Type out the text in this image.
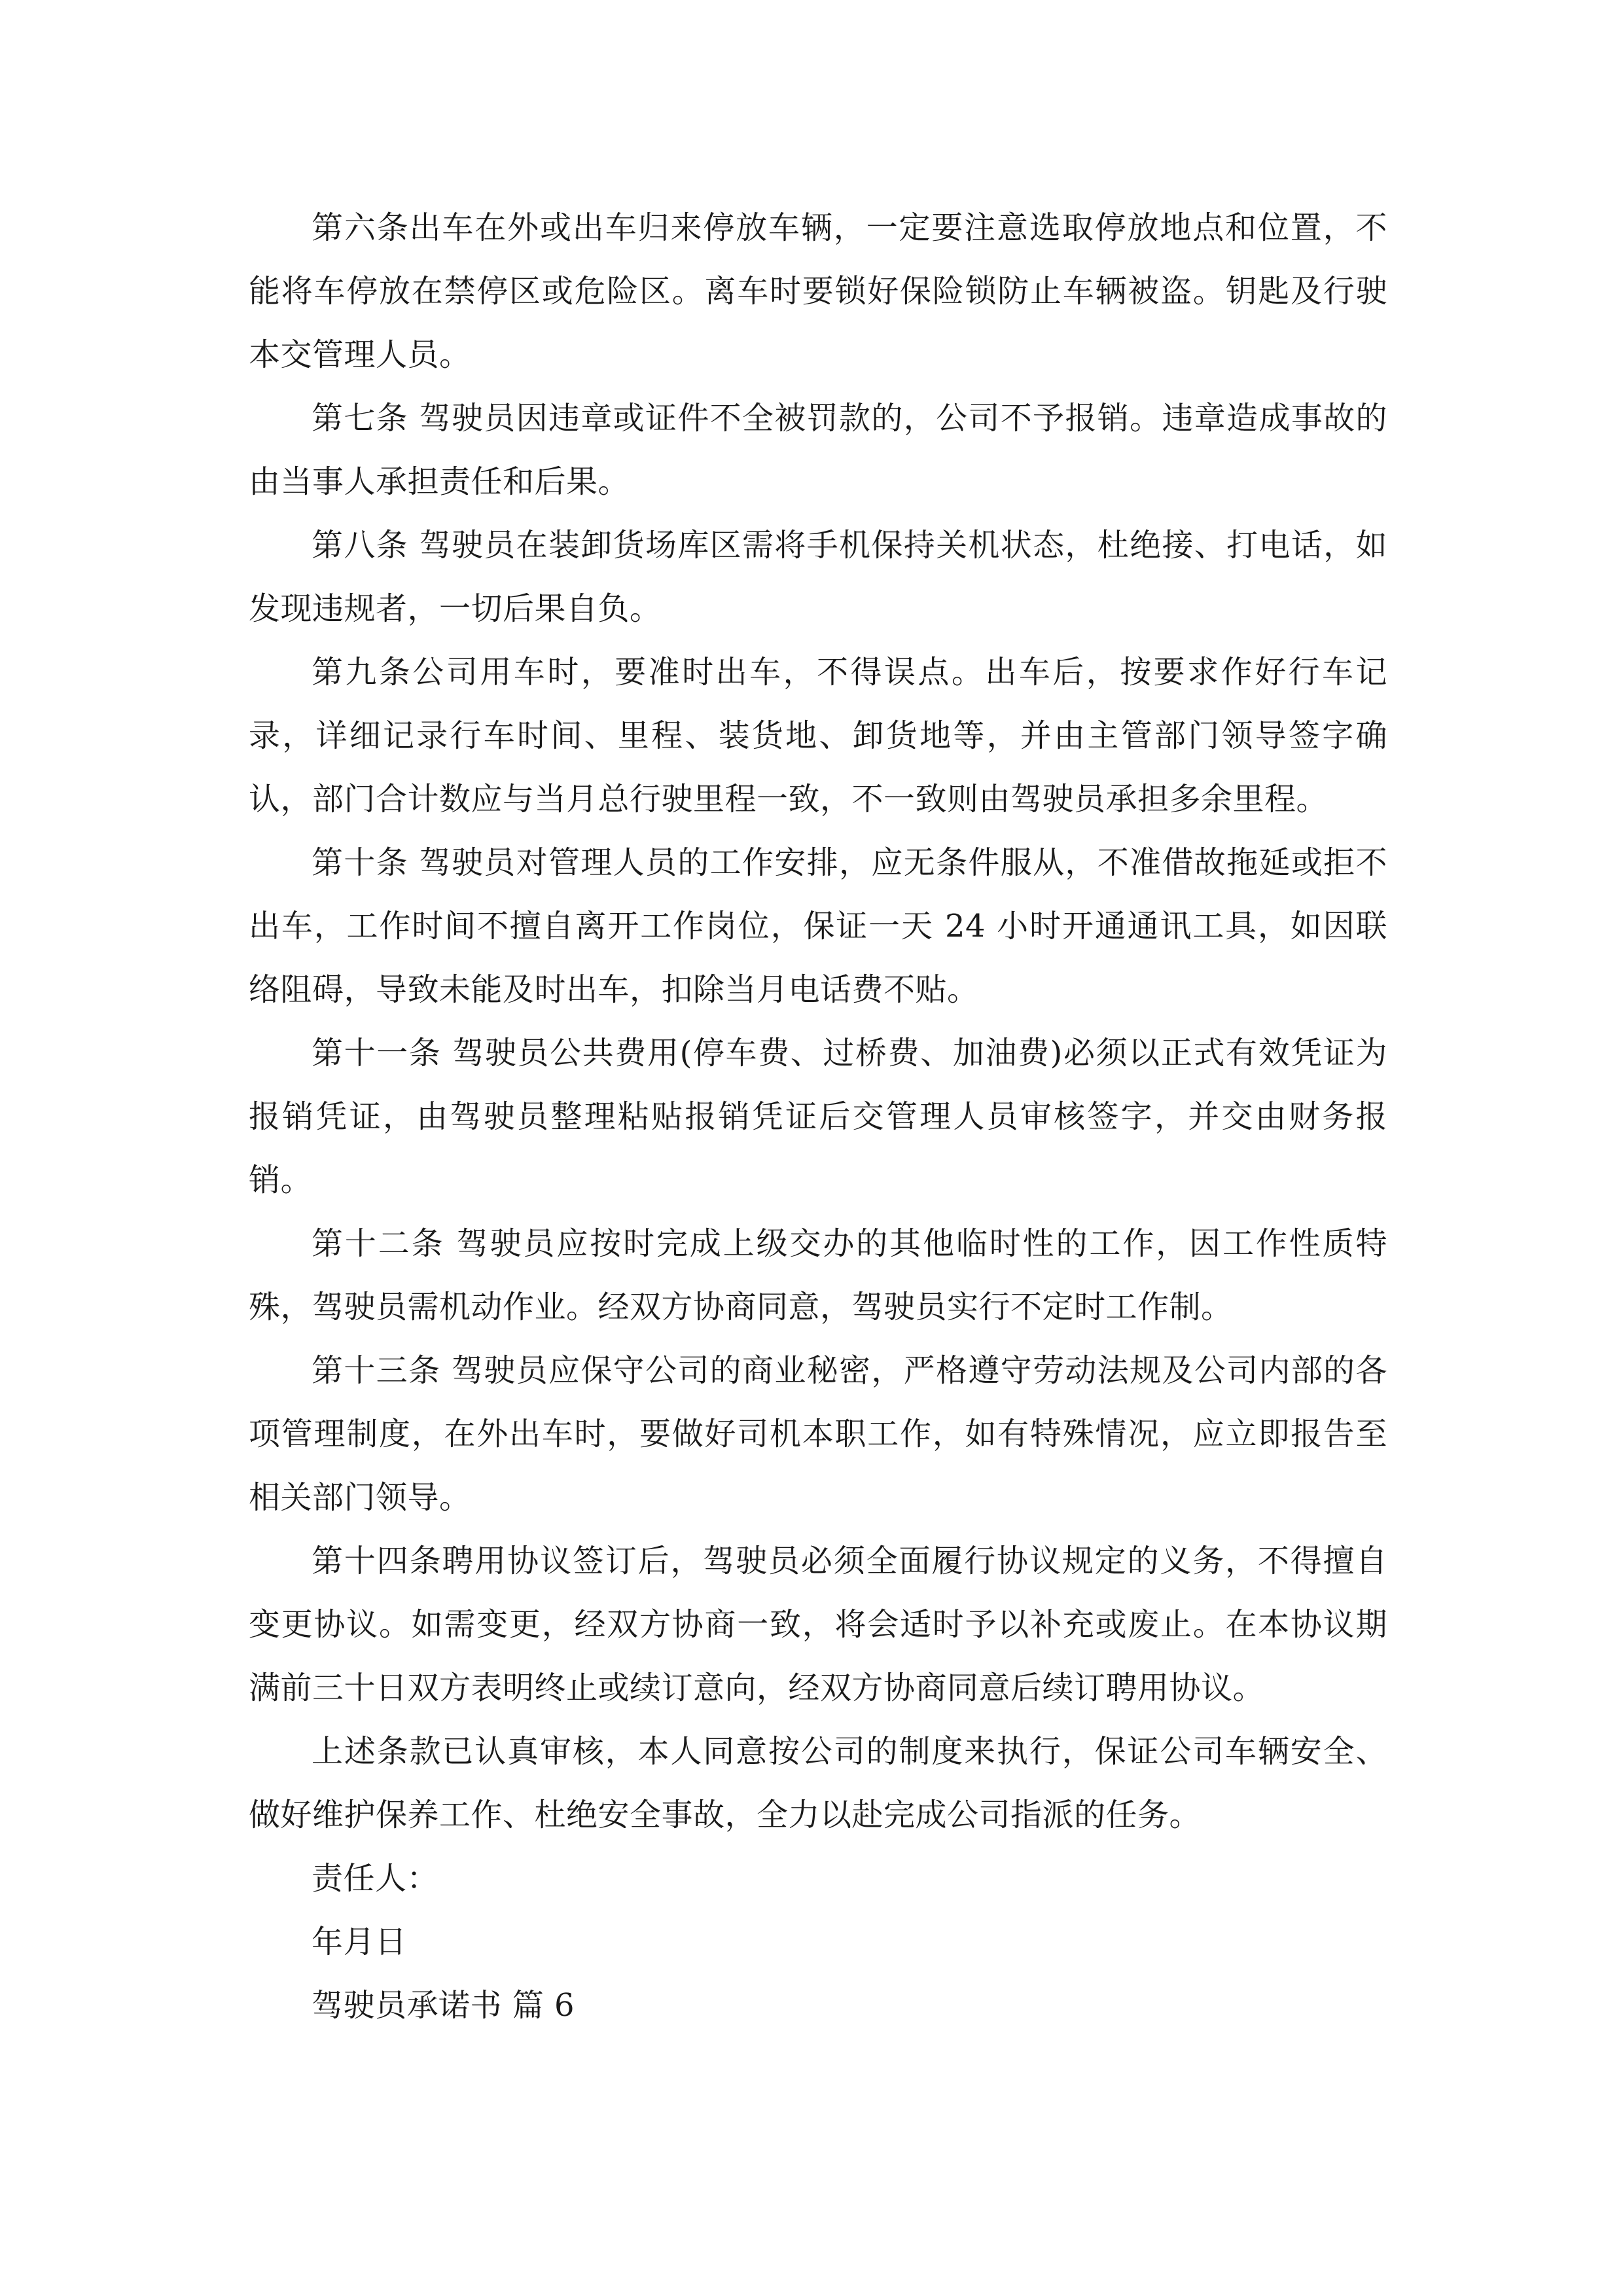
第六条出车在外或出车归来停放车辆，一定要注意选取停放地点和位置，不能将车停放在禁停区或危险区。离车时要锁好保险锁防止车辆被盗。钥匙及行驶本交管理人员。

第七条 驾驶员因违章或证件不全被罚款的，公司不予报销。违章造成事故的由当事人承担责任和后果。

第八条 驾驶员在装卸货场库区需将手机保持关机状态，杜绝接、打电话，如发现违规者，一切后果自负。

第九条公司用车时，要准时出车，不得误点。出车后，按要求作好行车记录，详细记录行车时间、里程、装货地、卸货地等，并由主管部门领导签字确认，部门合计数应与当月总行驶里程一致，不一致则由驾驶员承担多余里程。

第十条 驾驶员对管理人员的工作安排，应无条件服从，不准借故拖延或拒不出车，工作时间不擅自离开工作岗位，保证一天 24 小时开通通讯工具，如因联络阻碍，导致未能及时出车，扣除当月电话费不贴。

第十一条 驾驶员公共费用(停车费、过桥费、加油费)必须以正式有效凭证为报销凭证，由驾驶员整理粘贴报销凭证后交管理人员审核签字，并交由财务报销。

第十二条 驾驶员应按时完成上级交办的其他临时性的工作，因工作性质特殊，驾驶员需机动作业。经双方协商同意，驾驶员实行不定时工作制。

第十三条 驾驶员应保守公司的商业秘密，严格遵守劳动法规及公司内部的各项管理制度，在外出车时，要做好司机本职工作，如有特殊情况，应立即报告至相关部门领导。

第十四条聘用协议签订后，驾驶员必须全面履行协议规定的义务，不得擅自变更协议。如需变更，经双方协商一致，将会适时予以补充或废止。在本协议期满前三十日双方表明终止或续订意向，经双方协商同意后续订聘用协议。

上述条款已认真审核，本人同意按公司的制度来执行，保证公司车辆安全、做好维护保养工作、杜绝安全事故，全力以赴完成公司指派的任务。

责任人：

年月日

驾驶员承诺书 篇 6
